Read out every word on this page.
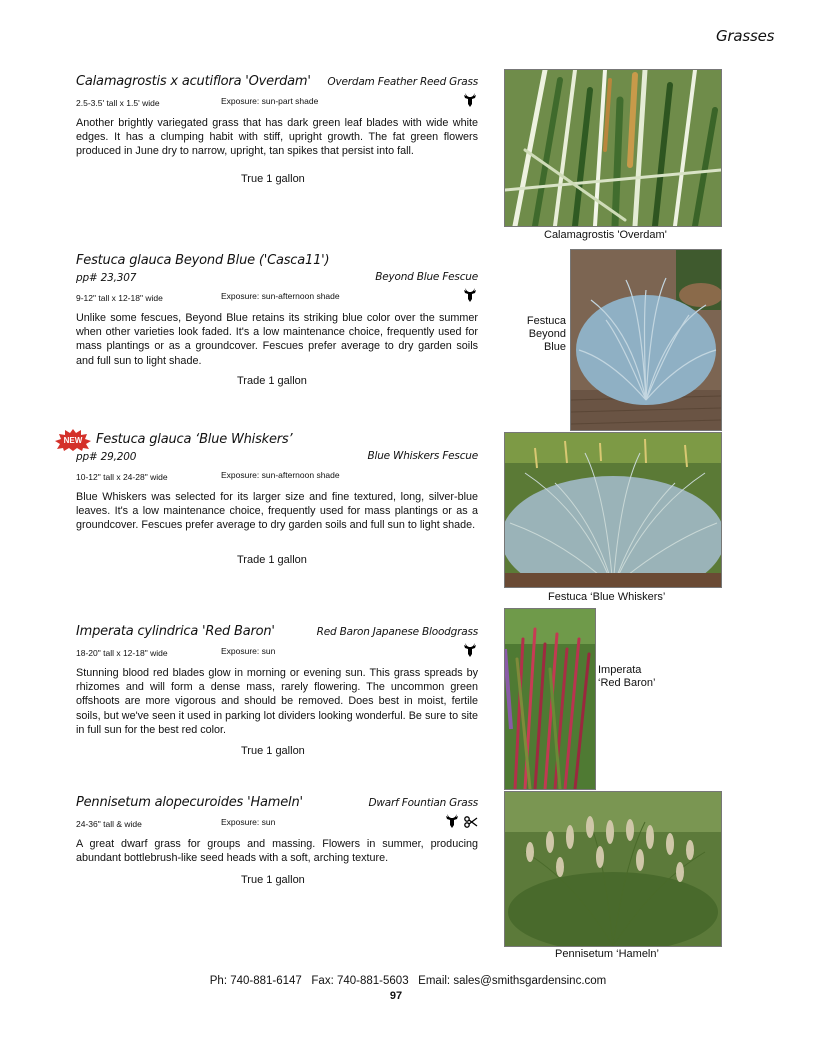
Grasses
Calamagrostis x acutiflora 'Overdam' Overdam Feather Reed Grass
2.5-3.5' tall x 1.5' wide	Exposure: sun-part shade

Another brightly variegated grass that has dark green leaf blades with wide white edges. It has a clumping habit with stiff, upright growth. The fat green flowers produced in June dry to narrow, upright, tan spikes that persist into fall.

True 1 gallon
Calamagrostis 'Overdam'
Festuca glauca Beyond Blue ('Casca11')
pp# 23,307	Beyond Blue Fescue
9-12" tall x 12-18" wide	Exposure: sun-afternoon shade

Unlike some fescues, Beyond Blue retains its striking blue color over the summer when other varieties look faded. It's a low maintenance choice, frequently used for mass plantings or as a groundcover. Fescues prefer average to dry garden soils and full sun to light shade.

Trade 1 gallon
Festuca
Beyond
Blue
NEW Festuca glauca ‘Blue Whiskers’
pp# 29,200	Blue Whiskers Fescue
10-12" tall x 24-28" wide	Exposure: sun-afternoon shade

Blue Whiskers was selected for its larger size and fine textured, long, silver-blue leaves. It's a low maintenance choice, frequently used for mass plantings or as a groundcover. Fescues prefer average to dry garden soils and full sun to light shade.

Trade 1 gallon
Festuca ‘Blue Whiskers’
Imperata cylindrica 'Red Baron'	Red Baron Japanese Bloodgrass
18-20" tall x 12-18" wide	Exposure: sun

Stunning blood red blades glow in morning or evening sun. This grass spreads by rhizomes and will form a dense mass, rarely flowering. The uncommon green offshoots are more vigorous and should be removed. Does best in moist, fertile soils, but we've seen it used in parking lot dividers looking wonderful. Be sure to site in full sun for the best red color.

True 1 gallon
Imperata
‘Red Baron’
Pennisetum alopecuroides 'Hameln'	Dwarf Fountian Grass
24-36" tall & wide	Exposure: sun

A great dwarf grass for groups and massing. Flowers in summer, producing abundant bottlebrush-like seed heads with a soft, arching texture.

True 1 gallon
Pennisetum ‘Hameln’
Ph: 740-881-6147   Fax: 740-881-5603   Email: sales@smithsgardensinc.com
97
